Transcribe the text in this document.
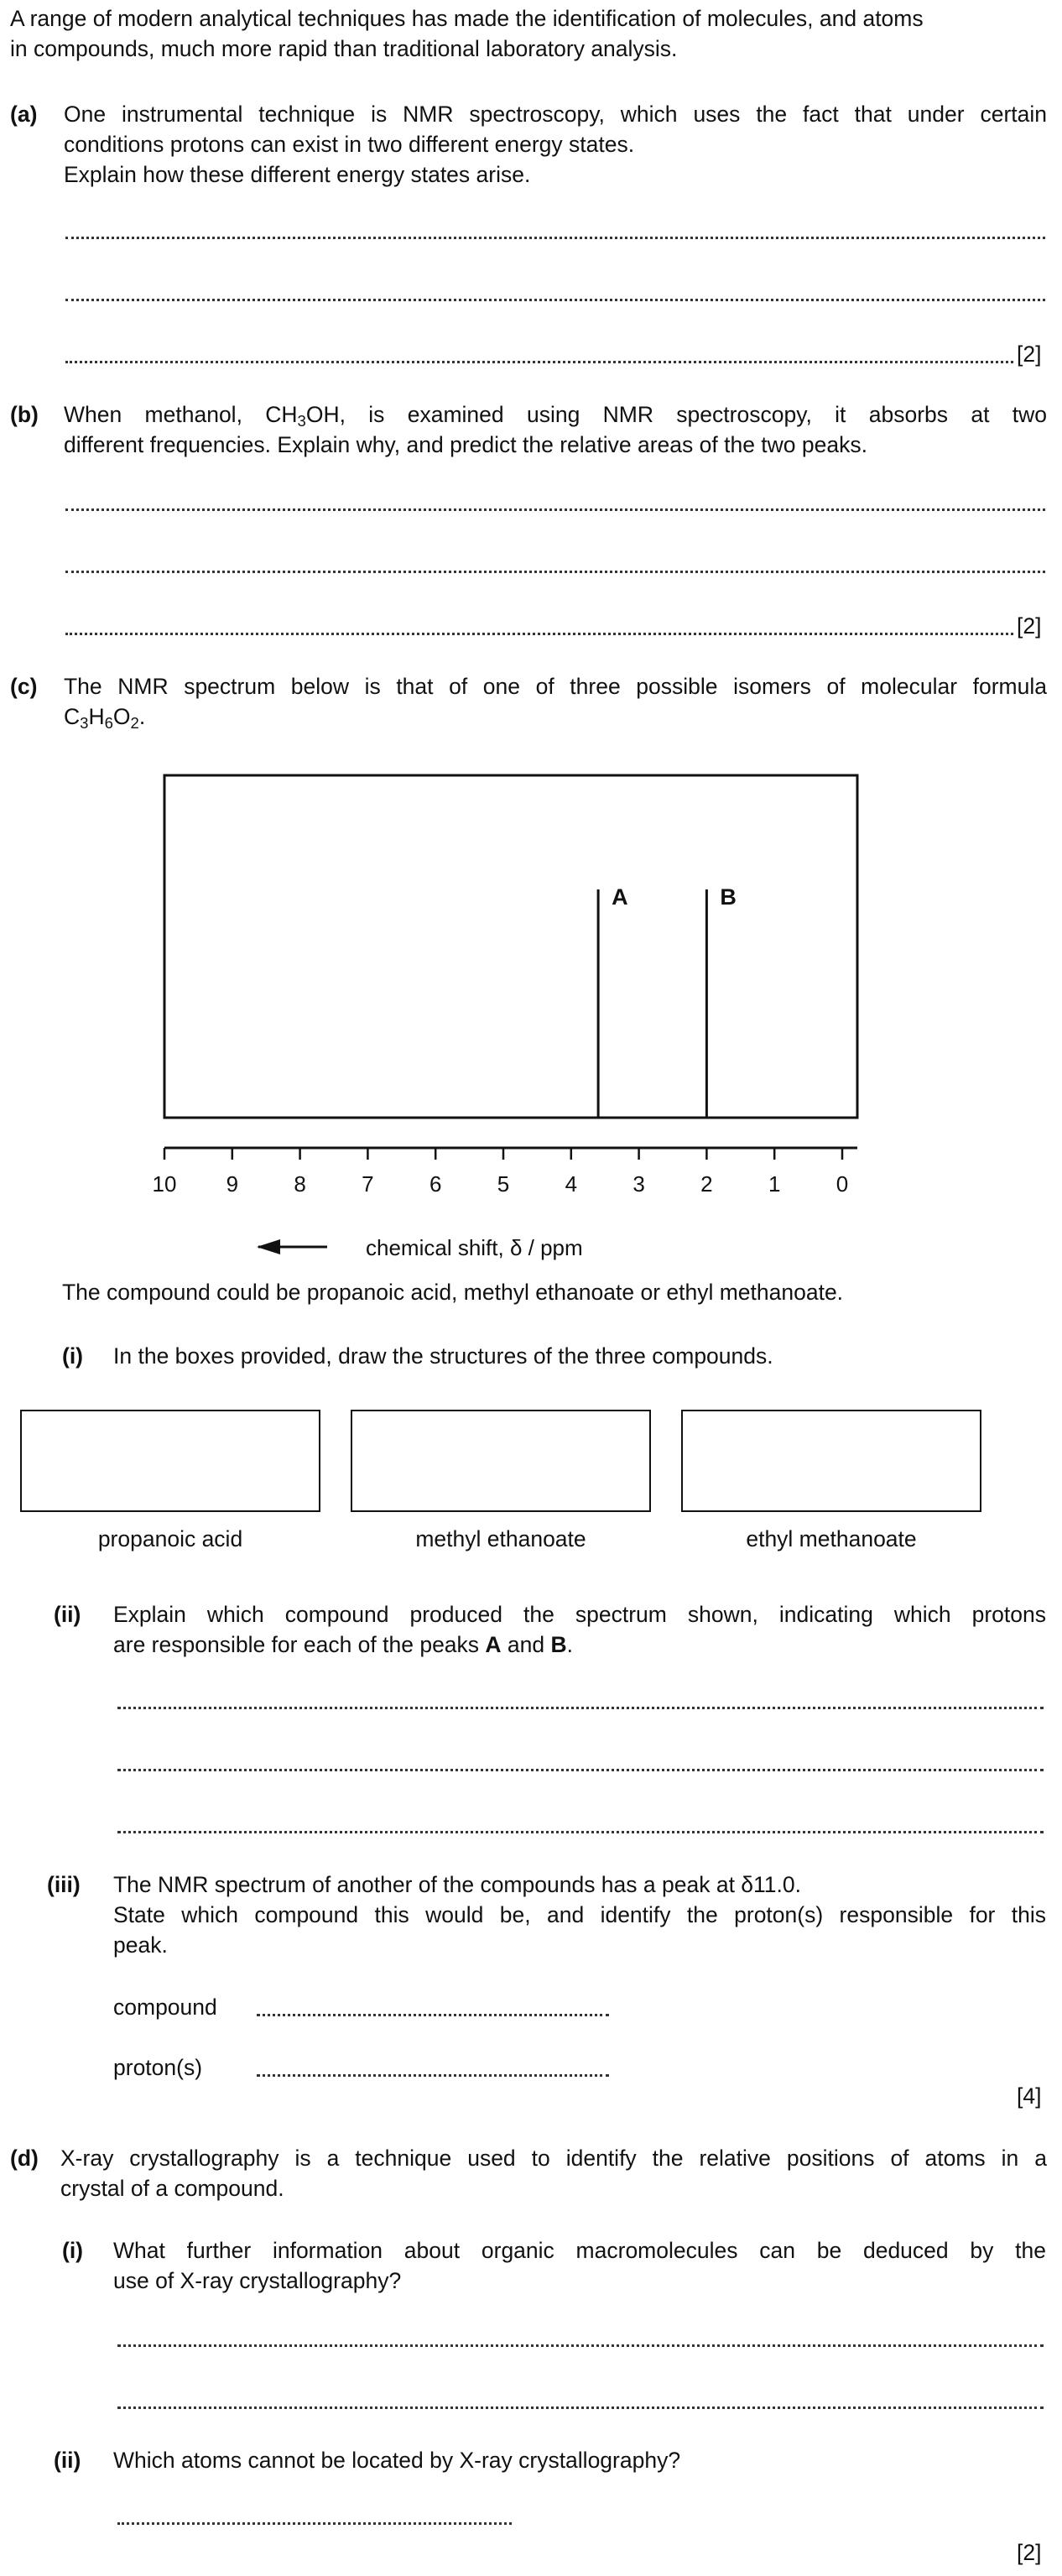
A range of modern analytical techniques has made the identification of molecules, and atoms
in compounds, much more rapid than traditional laboratory analysis.
(a) One instrumental technique is NMR spectroscopy, which uses the fact that under certain
conditions protons can exist in two different energy states.
Explain how these different energy states arise.
[2]
(b) When methanol, $CH_3OH$, is examined using NMR spectroscopy, it absorbs at two
different frequencies. Explain why, and predict the relative areas of the two peaks.
[2]
(c) The NMR spectrum below is that of one of three possible isomers of molecular formula
$C_3H_6O_2$.
10 9	8	7	6	5	4	3	2	1	0
A	B
chemical shift, δ / ppm
The compound could be propanoic acid, methyl ethanoate or ethyl methanoate.
(i) In the boxes provided, draw the structures of the three compounds.
propanoic acid	methyl ethanoate	ethyl methanoate
(ii) Explain which compound produced the spectrum shown, indicating which protons
are responsible for each of the peaks A and B.
(iii) The NMR spectrum of another of the compounds has a peak at δ11.0.
State which compound this would be, and identify the proton(s) responsible for this
peak.
compound
proton(s)
[4]
(d) X-ray crystallography is a technique used to identify the relative positions of atoms in a
crystal of a compound.
(i) What further information about organic macromolecules can be deduced by the
use of X-ray crystallography?
(ii) Which atoms cannot be located by X-ray crystallography?
[2]
